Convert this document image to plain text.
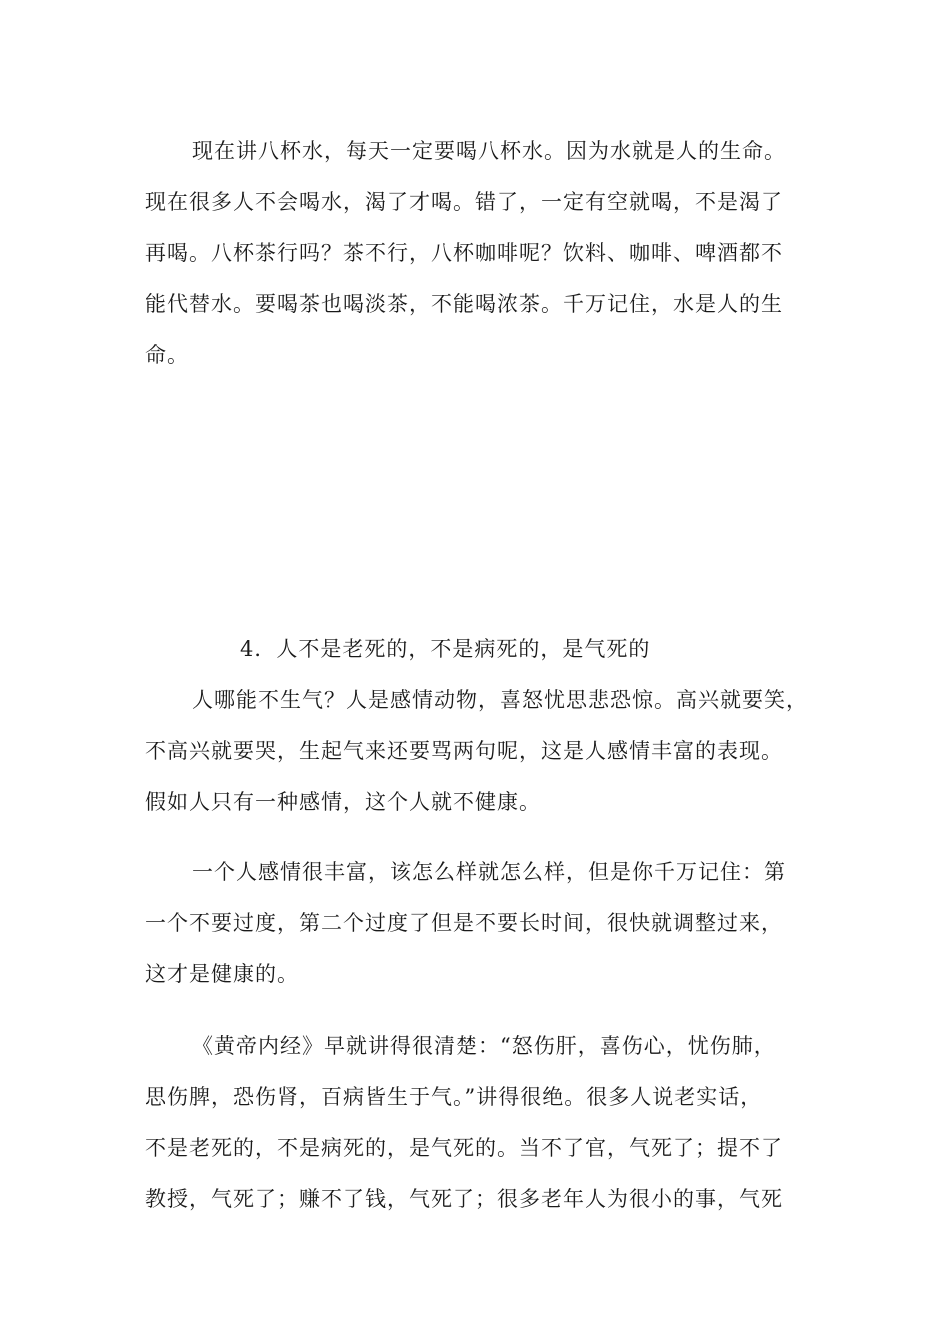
现在讲八杯水，每天一定要喝八杯水。因为水就是人的生命。
现在很多人不会喝水，渴了才喝。错了，一定有空就喝，不是渴了
再喝。八杯茶行吗？茶不行，八杯咖啡呢？饮料、咖啡、啤酒都不
能代替水。要喝茶也喝淡茶，不能喝浓茶。千万记住，水是人的生
命。
4．人不是老死的，不是病死的，是气死的
人哪能不生气？人是感情动物，喜怒忧思悲恐惊。高兴就要笑，
不高兴就要哭，生起气来还要骂两句呢，这是人感情丰富的表现。
假如人只有一种感情，这个人就不健康。
一个人感情很丰富，该怎么样就怎么样，但是你千万记住：第
一个不要过度，第二个过度了但是不要长时间，很快就调整过来，
这才是健康的。
《黄帝内经》早就讲得很清楚：“怒伤肝，喜伤心，忧伤肺，
思伤脾，恐伤肾，百病皆生于气。”讲得很绝。很多人说老实话，
不是老死的，不是病死的，是气死的。当不了官，气死了；提不了
教授，气死了；赚不了钱，气死了；很多老年人为很小的事，气死
